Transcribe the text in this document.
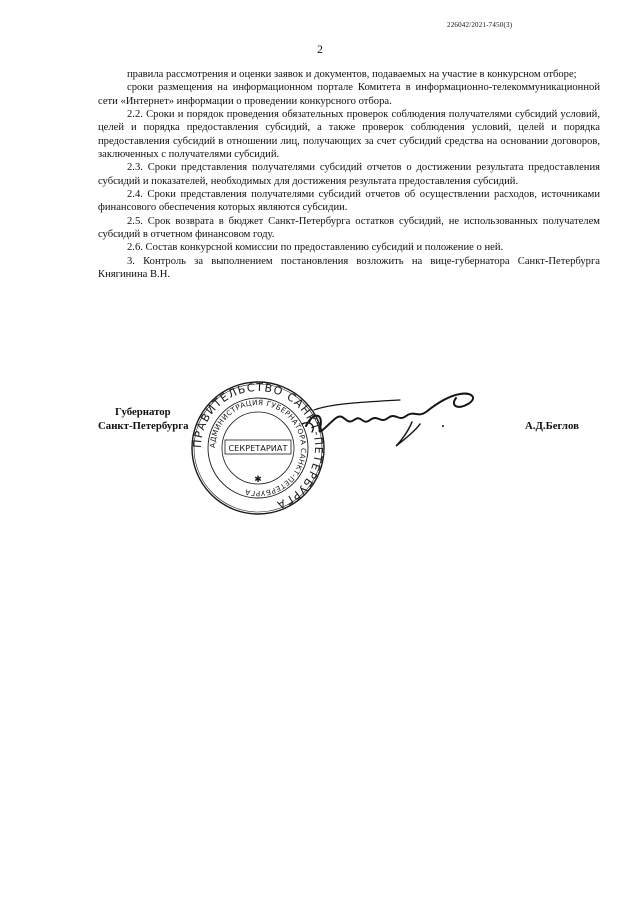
226042/2021-7450(3)
2

правила рассмотрения и оценки заявок и документов, подаваемых на участие в конкурсном отборе;

сроки размещения на информационном портале Комитета в информационно-телекоммуникационной сети «Интернет» информации о проведении конкурсного отбора.

2.2. Сроки и порядок проведения обязательных проверок соблюдения получателями субсидий условий, целей и порядка предоставления субсидий, а также проверок соблюдения условий, целей и порядка предоставления субсидий в отношении лиц, получающих за счет субсидий средства на основании договоров, заключенных с получателями субсидий.

2.3. Сроки представления получателями субсидий отчетов о достижении результата предоставления субсидий и показателей, необходимых для достижения результата предоставления субсидий.

2.4. Сроки представления получателями субсидий отчетов об осуществлении расходов, источниками финансового обеспечения которых являются субсидии.

2.5. Срок возврата в бюджет Санкт-Петербурга остатков субсидий, не использованных получателем субсидий в отчетном финансовом году.

2.6. Состав конкурсной комиссии по предоставлению субсидий и положение о ней.

3. Контроль за выполнением постановления возложить на вице-губернатора Санкт-Петербурга Княгинина В.Н.

Губернатор
Санкт-Петербурга
ПРАВИТЕЛЬСТВО САНКТ-ПЕТЕРБУРГА
АДМИНИСТРАЦИЯ ГУБЕРНАТОРА САНКТ-ПЕТЕРБУРГА
СЕКРЕТАРИАТ
✱
А.Д.Беглов
